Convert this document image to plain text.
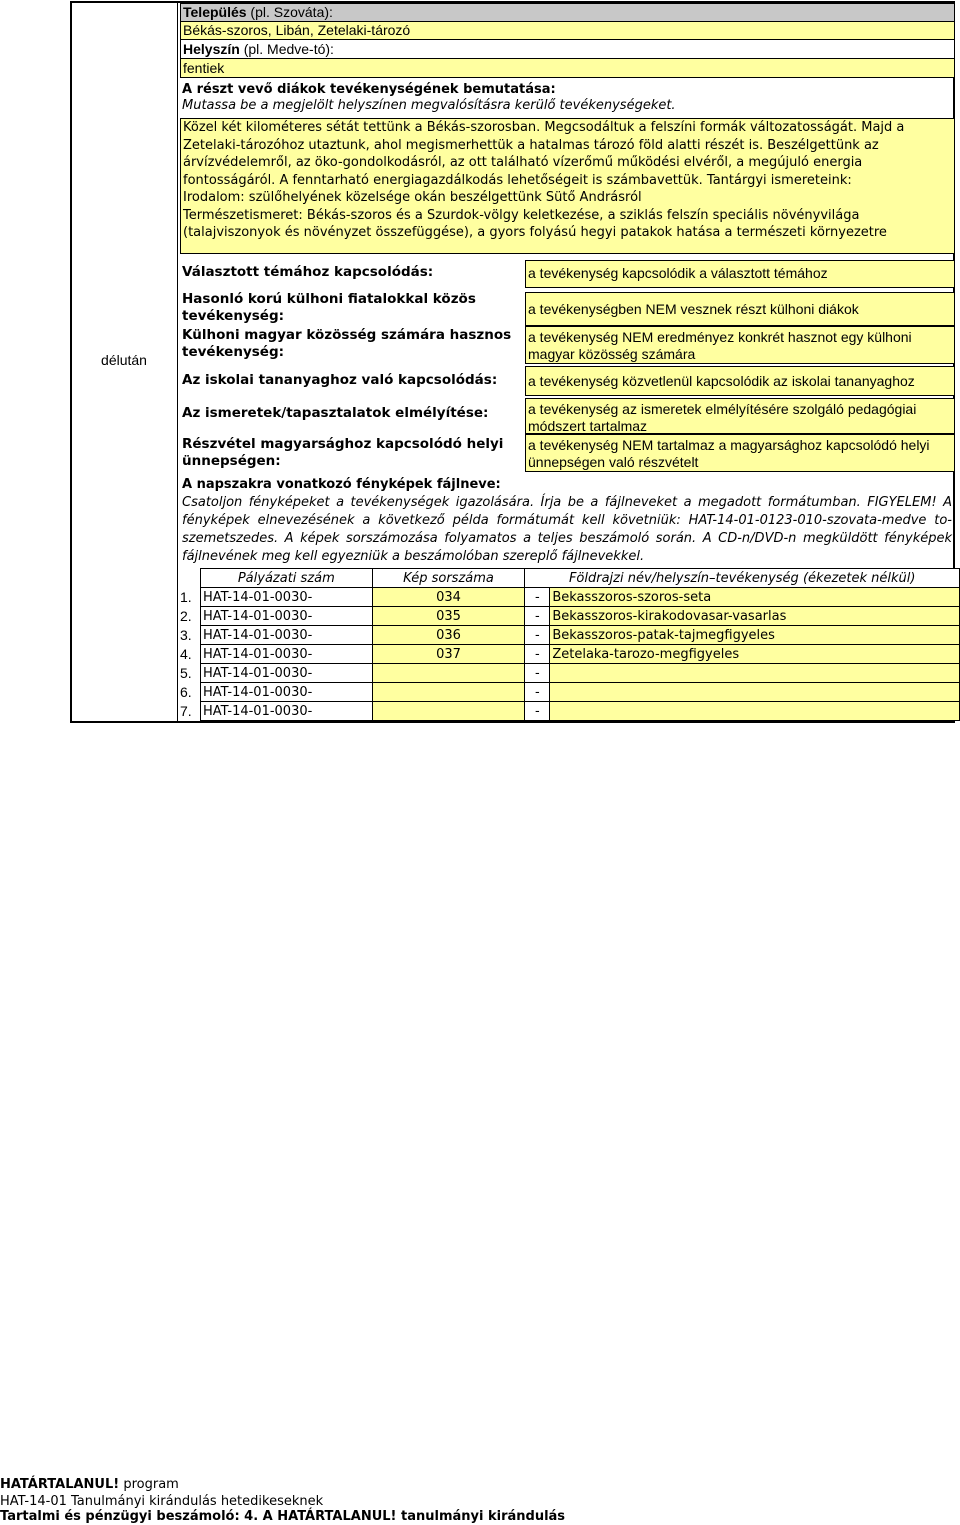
délután
Település (pl. Szováta):
Békás-szoros, Libán, Zetelaki-tározó
Helyszín (pl. Medve-tó):
fentiek
A részt vevő diákok tevékenységének bemutatása:
Mutassa be a megjelölt helyszínen megvalósításra kerülő tevékenységeket.
Közel két kilométeres sétát tettünk a Békás-szorosban. Megcsodáltuk a felszíni formák változatosságát. Majd a
Zetelaki-tározóhoz utaztunk, ahol megismerhettük a hatalmas tározó föld alatti részét is. Beszélgettünk az
árvízvédelemről, az öko-gondolkodásról, az ott található vízerőmű működési elvéről, a megújuló energia
fontosságáról. A fenntarható energiagazdálkodás lehetőségeit is számbavettük. Tantárgyi ismereteink:
Irodalom: szülőhelyének közelsége okán beszélgettünk Sütő Andrásról
Természetismeret: Békás-szoros és a Szurdok-völgy keletkezése, a sziklás felszín speciális növényvilága
(talajviszonyok és növényzet összefüggése), a gyors folyású hegyi patakok hatása a természeti környezetre
Választott témához kapcsolódás:	a tevékenység kapcsolódik a választott témához
Hasonló korú külhoni fiatalokkal közös tevékenység:	a tevékenységben NEM vesznek részt külhoni diákok
Külhoni magyar közösség számára hasznos tevékenység:
a tevékenység NEM eredményez konkrét hasznot egy külhoni magyar közösség számára
Az iskolai tananyaghoz való kapcsolódás:	a tevékenység közvetlenül kapcsolódik az iskolai tananyaghoz
Az ismeretek/tapasztalatok elmélyítése:	a tevékenység az ismeretek elmélyítésére szolgáló pedagógiai módszert tartalmaz
Részvétel magyarsághoz kapcsolódó helyi ünnepségen:
a tevékenység NEM tartalmaz a magyarsághoz kapcsolódó helyi ünnepségen való részvételt
A napszakra vonatkozó fényképek fájlneve:
Csatoljon fényképeket a tevékenységek igazolására. Írja be a fájlneveket a megadott formátumban. FIGYELEM! A fényképek elnevezésének a következő példa formátumát kell követniük: HAT-14-01-0123-010-szovata-medve to-szemetszedes. A képek sorszámozása folyamatos a teljes beszámoló során. A CD-n/DVD-n megküldött fényképek fájlnevének meg kell egyezniük a beszámolóban szereplő fájlnevekkel.
	Pályázati szám	Kép sorszáma	Földrajzi név/helyszín–tevékenység (ékezetek nélkül)	
1.	HAT-14-01-0030-	034	-	Bekasszoros-szoros-seta
2.	HAT-14-01-0030-	035	-	Bekasszoros-kirakodovasar-vasarlas
3.	HAT-14-01-0030-	036	-	Bekasszoros-patak-tajmegfigyeles
4.	HAT-14-01-0030-	037	-	Zetelaka-tarozo-megfigyeles
5.	HAT-14-01-0030-		-	
6.	HAT-14-01-0030-		-	
7.	HAT-14-01-0030-		-	
HATÁRTALANUL! program
HAT-14-01 Tanulmányi kirándulás hetedikeseknek
Tartalmi és pénzügyi beszámoló: 4. A HATÁRTALANUL! tanulmányi kirándulás
